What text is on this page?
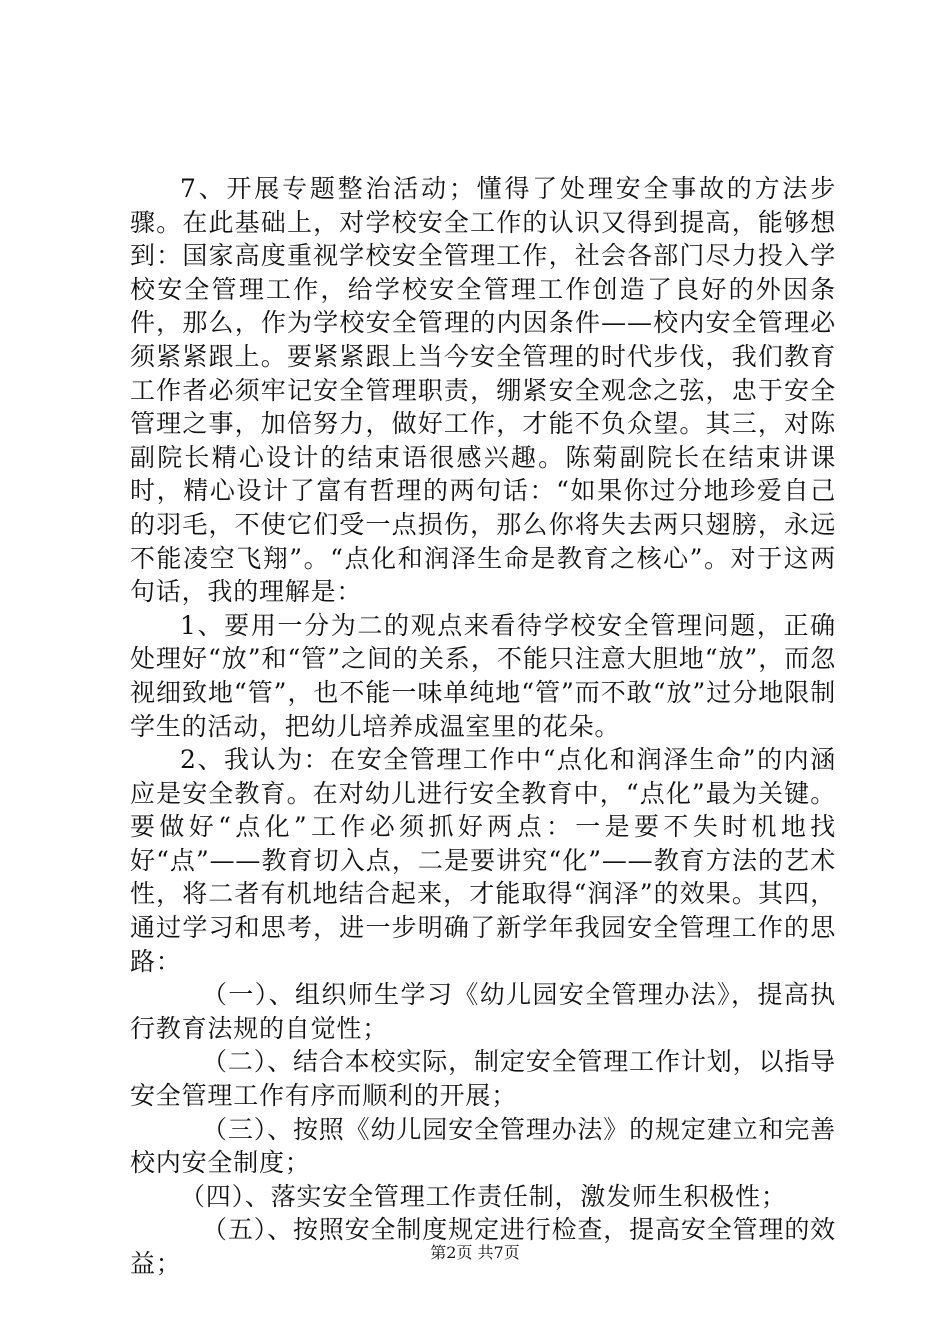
7、开展专题整治活动；懂得了处理安全事故的方法步骤。在此基础上，对学校安全工作的认识又得到提高，能够想到：国家高度重视学校安全管理工作，社会各部门尽力投入学校安全管理工作，给学校安全管理工作创造了良好的外因条件，那么，作为学校安全管理的内因条件——校内安全管理必须紧紧跟上。要紧紧跟上当今安全管理的时代步伐，我们教育工作者必须牢记安全管理职责，绷紧安全观念之弦，忠于安全管理之事，加倍努力，做好工作，才能不负众望。其三，对陈副院长精心设计的结束语很感兴趣。陈菊副院长在结束讲课时，精心设计了富有哲理的两句话：“如果你过分地珍爱自己的羽毛，不使它们受一点损伤，那么你将失去两只翅膀，永远不能凌空飞翔”。“点化和润泽生命是教育之核心”。对于这两句话，我的理解是：

1、要用一分为二的观点来看待学校安全管理问题，正确处理好“放”和“管”之间的关系，不能只注意大胆地“放”，而忽视细致地“管”，也不能一味单纯地“管”而不敢“放”过分地限制学生的活动，把幼儿培养成温室里的花朵。

2、我认为：在安全管理工作中“点化和润泽生命”的内涵应是安全教育。在对幼儿进行安全教育中，“点化”最为关键。要做好“点化”工作必须抓好两点：一是要不失时机地找好“点”——教育切入点，二是要讲究“化”——教育方法的艺术性，将二者有机地结合起来，才能取得“润泽”的效果。其四，通过学习和思考，进一步明确了新学年我园安全管理工作的思路：

（一）、组织师生学习《幼儿园安全管理办法》，提高执行教育法规的自觉性；

（二）、结合本校实际，制定安全管理工作计划，以指导安全管理工作有序而顺利的开展；

（三）、按照《幼儿园安全管理办法》的规定建立和完善校内安全制度；

（四）、落实安全管理工作责任制，激发师生积极性；

（五）、按照安全制度规定进行检查，提高安全管理的效益；	第2页 共7页
